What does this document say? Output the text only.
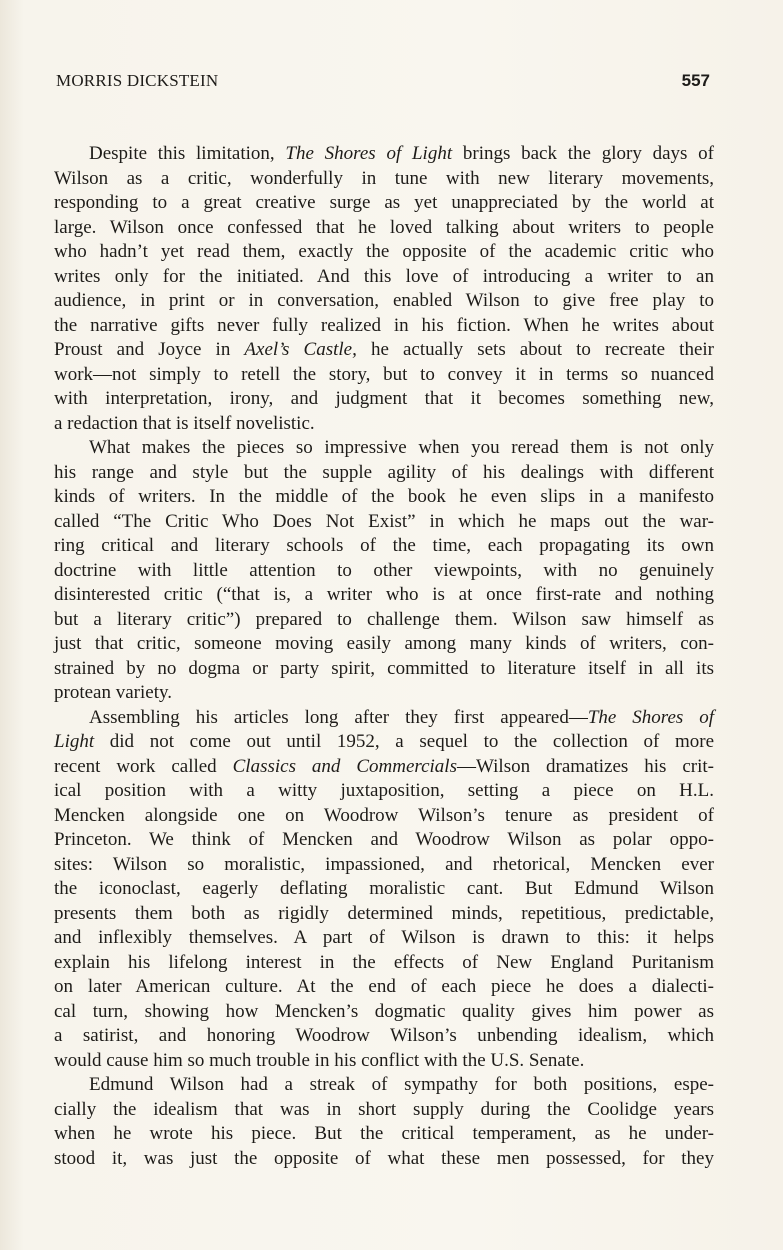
MORRIS DICKSTEIN	557
Despite this limitation, The Shores of Light brings back the glory days of
Wilson as a critic, wonderfully in tune with new literary movements,
responding to a great creative surge as yet unappreciated by the world at
large. Wilson once confessed that he loved talking about writers to people
who hadn’t yet read them, exactly the opposite of the academic critic who
writes only for the initiated. And this love of introducing a writer to an
audience, in print or in conversation, enabled Wilson to give free play to
the narrative gifts never fully realized in his fiction. When he writes about
Proust and Joyce in Axel’s Castle, he actually sets about to recreate their
work—not simply to retell the story, but to convey it in terms so nuanced
with interpretation, irony, and judgment that it becomes something new,
a redaction that is itself novelistic.
What makes the pieces so impressive when you reread them is not only
his range and style but the supple agility of his dealings with different
kinds of writers. In the middle of the book he even slips in a manifesto
called “The Critic Who Does Not Exist” in which he maps out the war-
ring critical and literary schools of the time, each propagating its own
doctrine with little attention to other viewpoints, with no genuinely
disinterested critic (“that is, a writer who is at once first-rate and nothing
but a literary critic”) prepared to challenge them. Wilson saw himself as
just that critic, someone moving easily among many kinds of writers, con-
strained by no dogma or party spirit, committed to literature itself in all its
protean variety.
Assembling his articles long after they first appeared—The Shores of
Light did not come out until 1952, a sequel to the collection of more
recent work called Classics and Commercials—Wilson dramatizes his crit-
ical position with a witty juxtaposition, setting a piece on H.L.
Mencken alongside one on Woodrow Wilson’s tenure as president of
Princeton. We think of Mencken and Woodrow Wilson as polar oppo-
sites: Wilson so moralistic, impassioned, and rhetorical, Mencken ever
the iconoclast, eagerly deflating moralistic cant. But Edmund Wilson
presents them both as rigidly determined minds, repetitious, predictable,
and inflexibly themselves. A part of Wilson is drawn to this: it helps
explain his lifelong interest in the effects of New England Puritanism
on later American culture. At the end of each piece he does a dialecti-
cal turn, showing how Mencken’s dogmatic quality gives him power as
a satirist, and honoring Woodrow Wilson’s unbending idealism, which
would cause him so much trouble in his conflict with the U.S. Senate.
Edmund Wilson had a streak of sympathy for both positions, espe-
cially the idealism that was in short supply during the Coolidge years
when he wrote his piece. But the critical temperament, as he under-
stood it, was just the opposite of what these men possessed, for they
